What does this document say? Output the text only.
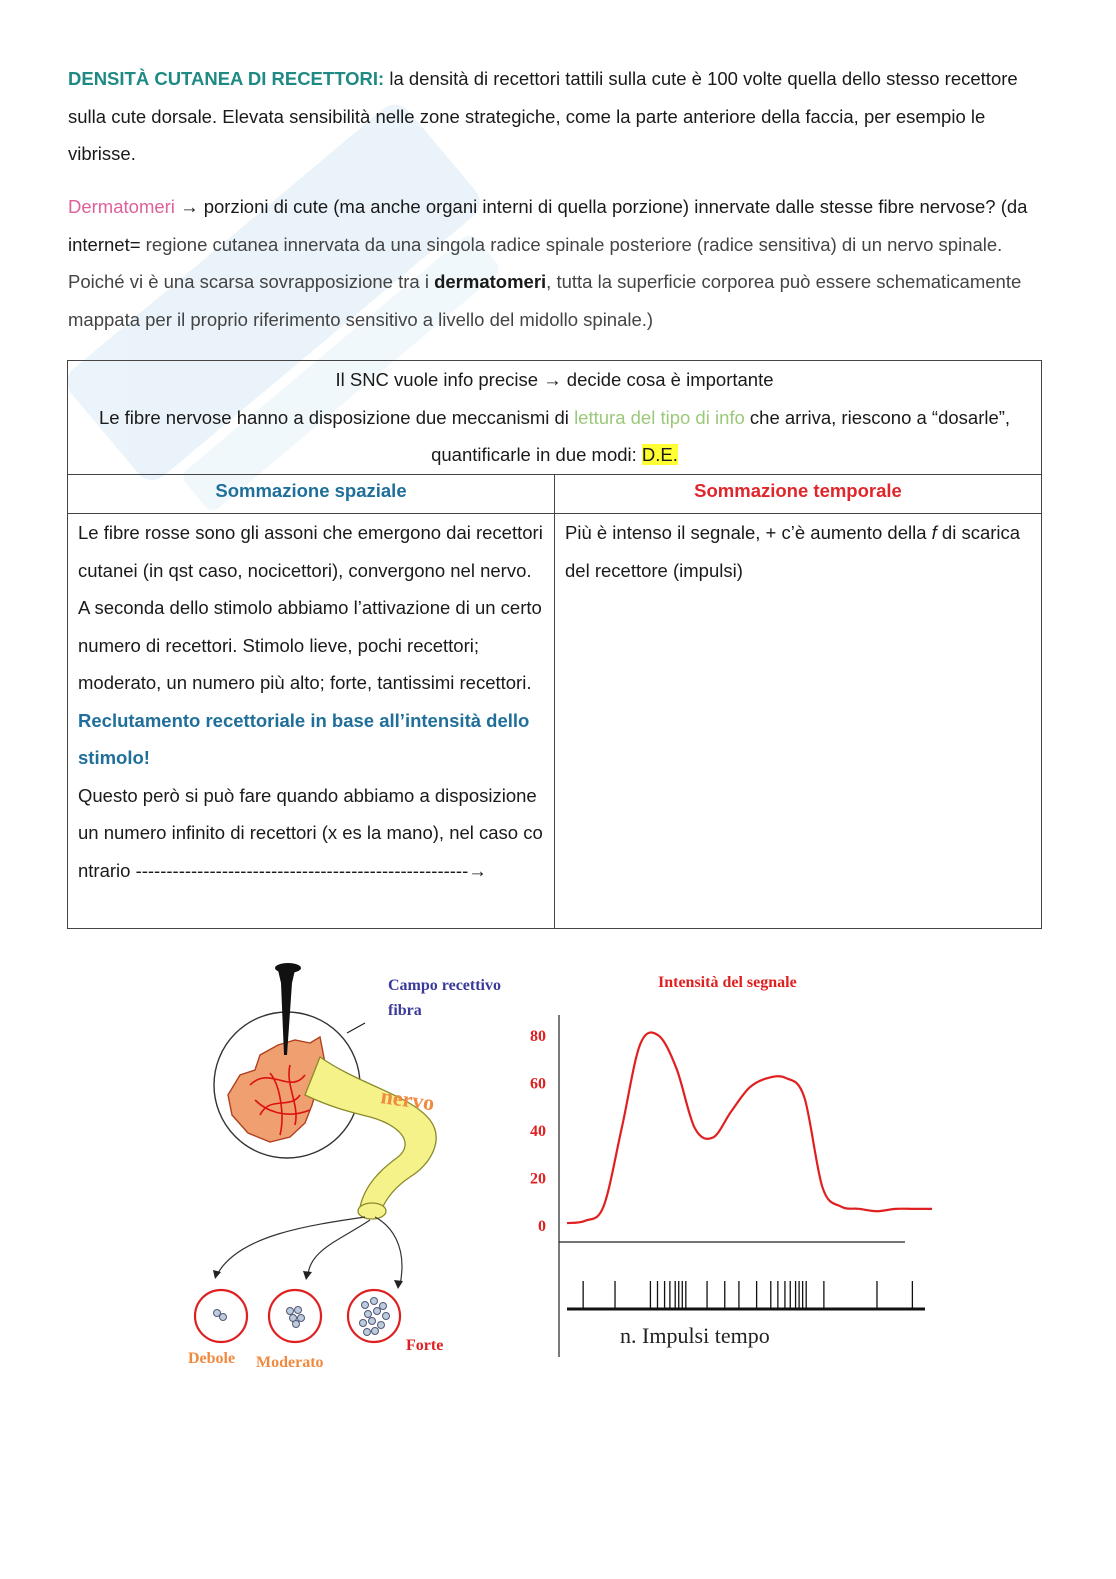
DENSITÀ CUTANEA DI RECETTORI: la densità di recettori tattili sulla cute è 100 volte quella dello stesso recettore sulla cute dorsale. Elevata sensibilità nelle zone strategiche, come la parte anteriore della faccia, per esempio le vibrisse.

Dermatomeri → porzioni di cute (ma anche organi interni di quella porzione) innervate dalle stesse fibre nervose? (da internet= regione cutanea innervata da una singola radice spinale posteriore (radice sensitiva) di un nervo spinale. Poiché vi è una scarsa sovrapposizione tra i dermatomeri, tutta la superficie corporea può essere schematicamente mappata per il proprio riferimento sensitivo a livello del midollo spinale.)

Il SNC vuole info precise → decide cosa è importante
Le fibre nervose hanno a disposizione due meccanismi di lettura del tipo di info che arriva, riescono a “dosarle”,
quantificarle in due modi: D.E.	

Sommazione spaziale	Sommazione temporale

Le fibre rosse sono gli assoni che emergono dai recettori cutanei (in qst caso, nocicettori), convergono nel nervo. A seconda dello stimolo abbiamo l’attivazione di un certo numero di recettori. Stimolo lieve, pochi recettori; moderato, un numero più alto; forte, tantissimi recettori.
Reclutamento recettoriale in base all’intensità dello stimolo!
Questo però si può fare quando abbiamo a disposizione un numero infinito di recettori (x es la mano), nel caso contrario ------------------------------------------------------→	Più è intenso il segnale, + c’è aumento della f di scarica del recettore (impulsi)
Campo recettivo
fibra
nervo
Debole Moderato
Forte
Intensità del segnale
0
20
40
60
80
n. Impulsi tempo
